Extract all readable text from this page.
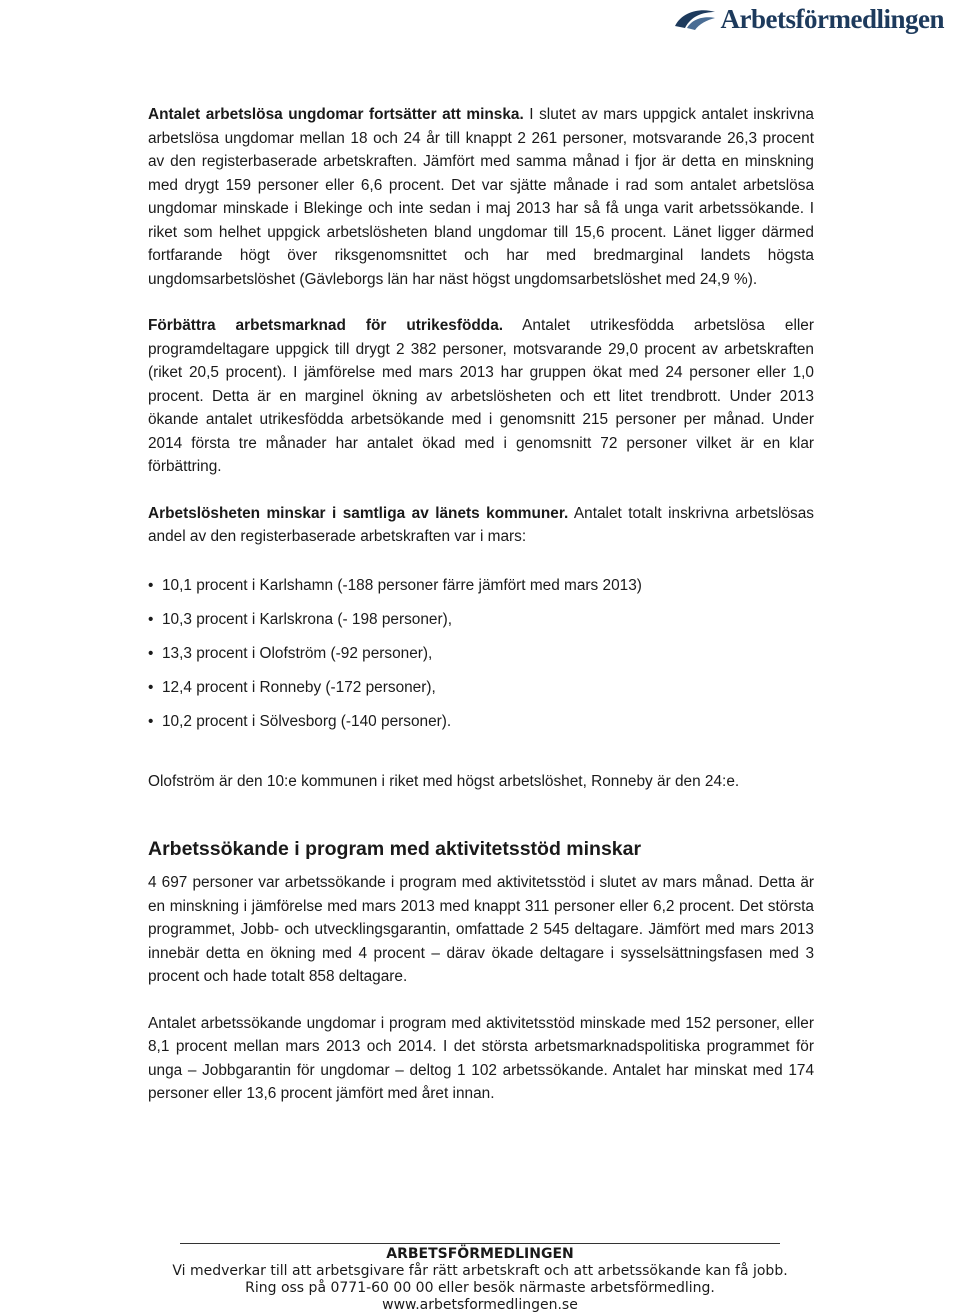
Arbetsförmedlingen

Antalet arbetslösa ungdomar fortsätter att minska. I slutet av mars uppgick antalet inskrivna arbetslösa ungdomar mellan 18 och 24 år till knappt 2 261 personer, motsvarande 26,3 procent av den registerbaserade arbetskraften. Jämfört med samma månad i fjor är detta en minskning med drygt 159 personer eller 6,6 procent. Det var sjätte månade i rad som antalet arbetslösa ungdomar minskade i Blekinge och inte sedan i maj 2013 har så få unga varit arbetssökande. I riket som helhet uppgick arbetslösheten bland ungdomar till 15,6 procent. Länet ligger därmed fortfarande högt över riksgenomsnittet och har med bredmarginal landets högsta ungdomsarbetslöshet (Gävleborgs län har näst högst ungdomsarbetslöshet med 24,9 %).

Förbättra arbetsmarknad för utrikesfödda. Antalet utrikesfödda arbetslösa eller programdeltagare uppgick till drygt 2 382 personer, motsvarande 29,0 procent av arbetskraften (riket 20,5 procent). I jämförelse med mars 2013 har gruppen ökat med 24 personer eller 1,0 procent. Detta är en marginel ökning av arbetslösheten och ett litet trendbrott. Under 2013 ökande antalet utrikesfödda arbetsökande med i genomsnitt 215 personer per månad. Under 2014 första tre månader har antalet ökad med i genomsnitt 72 personer vilket är en klar förbättring.

Arbetslösheten minskar i samtliga av länets kommuner. Antalet totalt inskrivna arbetslösas andel av den registerbaserade arbetskraften var i mars:

• 10,1 procent i Karlshamn (-188 personer färre jämfört med mars 2013)
• 10,3 procent i Karlskrona (- 198 personer),
• 13,3 procent i Olofström (-92 personer),
• 12,4 procent i Ronneby (-172 personer),
• 10,2 procent i Sölvesborg (-140 personer).

Olofström är den 10:e kommunen i riket med högst arbetslöshet, Ronneby är den 24:e.

Arbetssökande i program med aktivitetsstöd minskar

4 697 personer var arbetssökande i program med aktivitetsstöd i slutet av mars månad. Detta är en minskning i jämförelse med mars 2013 med knappt 311 personer eller 6,2 procent. Det största programmet, Jobb- och utvecklingsgarantin, omfattade 2 545 deltagare. Jämfört med mars 2013 innebär detta en ökning med 4 procent – därav ökade deltagare i sysselsättningsfasen med 3 procent och hade totalt 858 deltagare.

Antalet arbetssökande ungdomar i program med aktivitetsstöd minskade med 152 personer, eller 8,1 procent mellan mars 2013 och 2014. I det största arbetsmarknadspolitiska programmet för unga – Jobbgarantin för ungdomar – deltog 1 102 arbetssökande. Antalet har minskat med 174 personer eller 13,6 procent jämfört med året innan.

ARBETSFÖRMEDLINGEN
Vi medverkar till att arbetsgivare får rätt arbetskraft och att arbetssökande kan få jobb.
Ring oss på 0771-60 00 00 eller besök närmaste arbetsförmedling.
www.arbetsformedlingen.se
